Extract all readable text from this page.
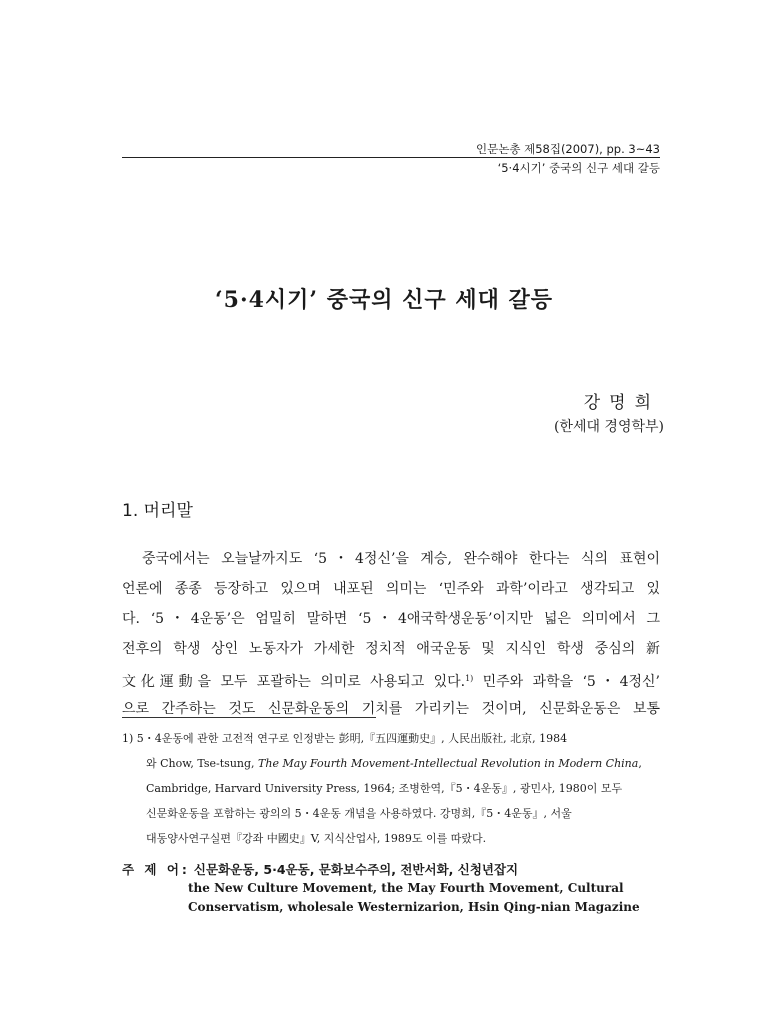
인문논총 제58집(2007), pp. 3~43
‘5·4시기’ 중국의 신구 세대 갈등
‘5·4시기’ 중국의 신구 세대 갈등
강명희
(한세대 경영학부)
1. 머리말
중국에서는 오늘날까지도 ‘5・4정신’을 계승, 완수해야 한다는 식의 표현이
언론에 종종 등장하고 있으며 내포된 의미는 ‘민주와 과학’이라고 생각되고 있
다. ‘5・4운동’은 엄밀히 말하면 ‘5・4애국학생운동’이지만 넓은 의미에서 그
전후의 학생 상인 노동자가 가세한 정치적 애국운동 및 지식인 학생 중심의 新
文化運動을 모두 포괄하는 의미로 사용되고 있다.$^{1)}$ 민주와 과학을 ‘5・4정신’
으로 간주하는 것도 신문화운동의 기치를 가리키는 것이며, 신문화운동은 보통
1) 5・4운동에 관한 고전적 연구로 인정받는 彭明,『五四運動史』, 人民出版社, 北京, 1984
와 Chow, Tse-tsung, The May Fourth Movement-Intellectual Revolution in Modern China,
Cambridge, Harvard University Press, 1964; 조병한역,『5・4운동』, 광민사, 1980이 모두
신문화운동을 포함하는 광의의 5・4운동 개념을 사용하였다. 강명희,『5・4운동』, 서울
대동양사연구실편『강좌 中國史』V, 지식산업사, 1989도 이를 따랐다.
주 제 어: 신문화운동, 5·4운동, 문화보수주의, 전반서화, 신청년잡지
the New Culture Movement, the May Fourth Movement, Cultural
Conservatism, wholesale Westernizarion, Hsin Qing-nian Magazine
